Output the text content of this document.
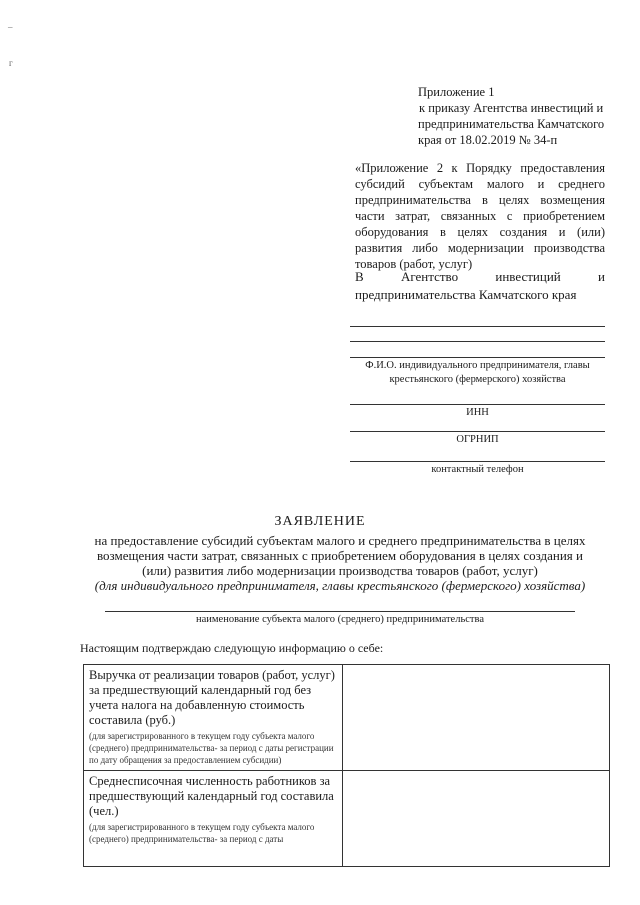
–
г
Приложение 1
к приказу Агентства инвестиций и
предпринимательства Камчатского
края от 18.02.2019 № 34-п
«Приложение 2 к Порядку предоставления субсидий субъектам малого и среднего предпринимательства в целях возмещения части затрат, связанных с приобретением оборудования в целях создания и (или) развития либо модернизации производства товаров (работ, услуг)
В Агентство инвестиций и предпринимательства Камчатского края
Ф.И.О. индивидуального предпринимателя, главы
крестьянского (фермерского) хозяйства
ИНН
ОГРНИП
контактный телефон
ЗАЯВЛЕНИЕ
на предоставление субсидий субъектам малого и среднего предпринимательства в целях возмещения части затрат, связанных с приобретением оборудования в целях создания и (или) развития либо модернизации производства товаров (работ, услуг)
(для индивидуального предпринимателя, главы крестьянского (фермерского) хозяйства)
наименование субъекта малого (среднего) предпринимательства
Настоящим подтверждаю следующую информацию о себе:
Выручка от реализации товаров (работ, услуг) за предшествующий календарный год без учета налога на добавленную стоимость составила (руб.)
(для зарегистрированного в текущем году субъекта малого (среднего) предпринимательства- за период с даты регистрации по дату обращения за предоставлением субсидии)	

Среднесписочная численность работников за предшествующий календарный год составила (чел.)
(для зарегистрированного в текущем году субъекта малого (среднего) предпринимательства- за период с даты	
